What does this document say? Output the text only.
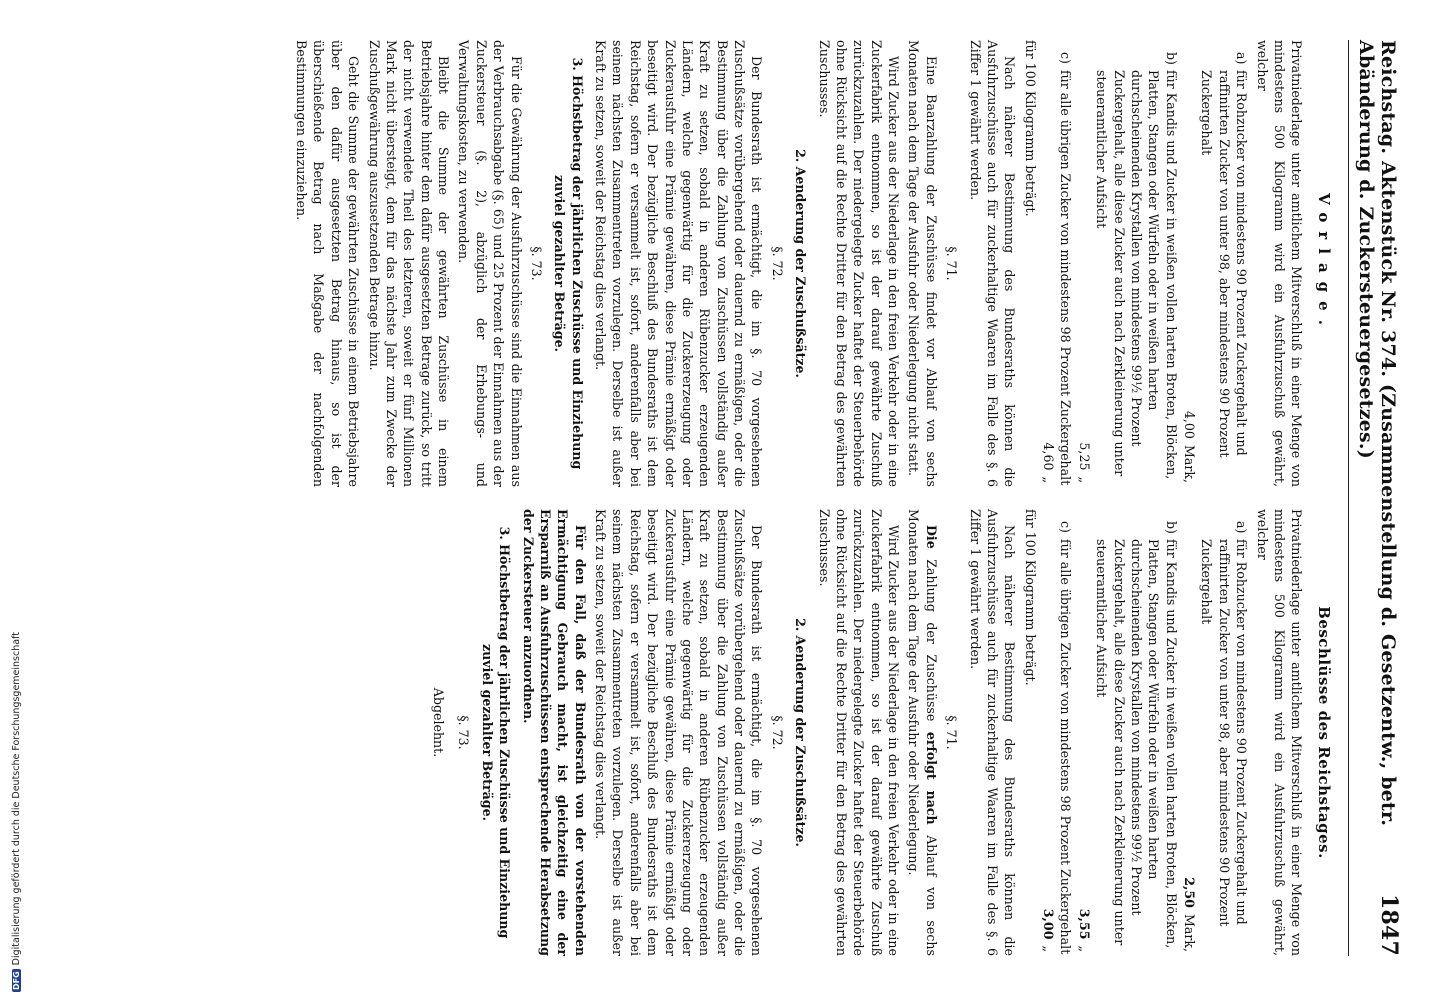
Reichstag. Aktenstück Nr. 374. (Zusammenstellung d. Gesetzentw., betr. Abänderung d. Zuckersteuergesetzes.)
1847
Vorlage.

Privatniederlage unter amtlichem Mitverschluß in einer Menge von mindestens 500 Kilogramm wird ein Ausfuhrzuschuß gewährt, welcher

a)
für Rohzucker von mindestens 90 Prozent Zuckergehalt und raffinirten Zucker von unter 98, aber mindestens 90 Prozent Zuckergehalt
4,00
Mark,
b)
für Kandis und Zucker in weißen vollen harten Broten, Blöcken, Platten, Stangen oder Würfeln oder in weißen harten durchscheinenden Krystallen von mindestens 99½ Prozent Zuckergehalt, alle diese Zucker auch nach Zerkleinerung unter steueramtlicher Aufsicht
5,25
„
c)
für alle übrigen Zucker von mindestens 98 Prozent Zuckergehalt
4,60
„

für 100 Kilogramm beträgt.

Nach näherer Bestimmung des Bundesraths können die Ausfuhrzuschüsse auch für zuckerhaltige Waaren im Falle des §. 6 Ziffer 1 gewährt werden.

§. 71.

Eine Baarzahlung der Zuschüsse findet vor Ablauf von sechs Monaten nach dem Tage der Ausfuhr oder Niederlegung nicht statt.

Wird Zucker aus der Niederlage in den freien Verkehr oder in eine Zuckerfabrik entnommen, so ist der darauf gewährte Zuschuß zurückzuzahlen. Der niedergelegte Zucker haftet der Steuerbehörde ohne Rücksicht auf die Rechte Dritter für den Betrag des gewährten Zuschusses.

2. Aenderung der Zuschußsätze.
§. 72.

Der Bundesrath ist ermächtigt, die im §. 70 vorgesehenen Zuschußsätze vorübergehend oder dauernd zu ermäßigen, oder die Bestimmung über die Zahlung von Zuschüssen vollständig außer Kraft zu setzen, sobald in anderen Rübenzucker erzeugenden Ländern, welche gegenwärtig für die Zuckererzeugung oder Zuckerausfuhr eine Prämie gewähren, diese Prämie ermäßigt oder beseitigt wird. Der bezügliche Beschluß des Bundesraths ist dem Reichstag, sofern er versammelt ist, sofort, anderenfalls aber bei seinem nächsten Zusammentreten vorzulegen. Derselbe ist außer Kraft zu setzen, soweit der Reichstag dies verlangt.

3. Höchstbetrag der jährlichen Zuschüsse und Einziehung zuviel gezahlter Beträge.
§. 73.

Für die Gewährung der Ausfuhrzuschüsse sind die Einnahmen aus der Verbrauchsabgabe (§. 65) und 25 Prozent der Einnahmen aus der Zuckersteuer (§. 2), abzüglich der Erhebungs- und Verwaltungskosten, zu verwenden.

Bleibt die Summe der gewährten Zuschüsse in einem Betriebsjahre hinter dem dafür ausgesetzten Betrage zurück, so tritt der nicht verwendete Theil des letzteren, soweit er fünf Millionen Mark nicht übersteigt, dem für das nächste Jahr zum Zwecke der Zuschußgewährung auszusetzenden Betrage hinzu.

Geht die Summe der gewährten Zuschüsse in einem Betriebsjahre über den dafür ausgesetzten Betrag hinaus, so ist der überschießende Betrag nach Maßgabe der nachfolgenden Bestimmungen einzuziehen.

Beschlüsse des Reichstages.

Privatniederlage unter amtlichem Mitverschluß in einer Menge von mindestens 500 Kilogramm wird ein Ausfuhrzuschuß gewährt, welcher

a)
für Rohzucker von mindestens 90 Prozent Zuckergehalt und raffinirten Zucker von unter 98, aber mindestens 90 Prozent Zuckergehalt
2,50
Mark,
b)
für Kandis und Zucker in weißen vollen harten Broten, Blöcken, Platten, Stangen oder Würfeln oder in weißen harten durchscheinenden Krystallen von mindestens 99½ Prozent Zuckergehalt, alle diese Zucker auch nach Zerkleinerung unter steueramtlicher Aufsicht
3,55
„
c)
für alle übrigen Zucker von mindestens 98 Prozent Zuckergehalt
3,00
„

für 100 Kilogramm beträgt.

Nach näherer Bestimmung des Bundesraths können die Ausfuhrzuschüsse auch für zuckerhaltige Waaren im Falle des §. 6 Ziffer 1 gewährt werden.

§. 71.

Die Zahlung der Zuschüsse erfolgt nach Ablauf von sechs Monaten nach dem Tage der Ausfuhr oder Niederlegung.

Wird Zucker aus der Niederlage in den freien Verkehr oder in eine Zuckerfabrik entnommen, so ist der darauf gewährte Zuschuß zurückzuzahlen. Der niedergelegte Zucker haftet der Steuerbehörde ohne Rücksicht auf die Rechte Dritter für den Betrag des gewährten Zuschusses.

2. Aenderung der Zuschußsätze.
§. 72.

Der Bundesrath ist ermächtigt, die im §. 70 vorgesehenen Zuschußsätze vorübergehend oder dauernd zu ermäßigen, oder die Bestimmung über die Zahlung von Zuschüssen vollständig außer Kraft zu setzen, sobald in anderen Rübenzucker erzeugenden Ländern, welche gegenwärtig für die Zuckererzeugung oder Zuckerausfuhr eine Prämie gewähren, diese Prämie ermäßigt oder beseitigt wird. Der bezügliche Beschluß des Bundesraths ist dem Reichstag, sofern er versammelt ist, sofort, anderenfalls aber bei seinem nächsten Zusammentreten vorzulegen. Derselbe ist außer Kraft zu setzen, soweit der Reichstag dies verlangt.

Für den Fall, daß der Bundesrath von der vorstehenden Ermächtigung Gebrauch macht, ist gleichzeitig eine der Ersparniß an Ausfuhrzuschüssen entsprechende Herabsetzung der Zuckersteuer anzuordnen.

3. Höchstbetrag der jährlichen Zuschüsse und Einziehung zuviel gezahlter Beträge.
§. 73.

Abgelehnt.

DFG
Digitalisierung gefördert durch die Deutsche Forschungsgemeinschaft
